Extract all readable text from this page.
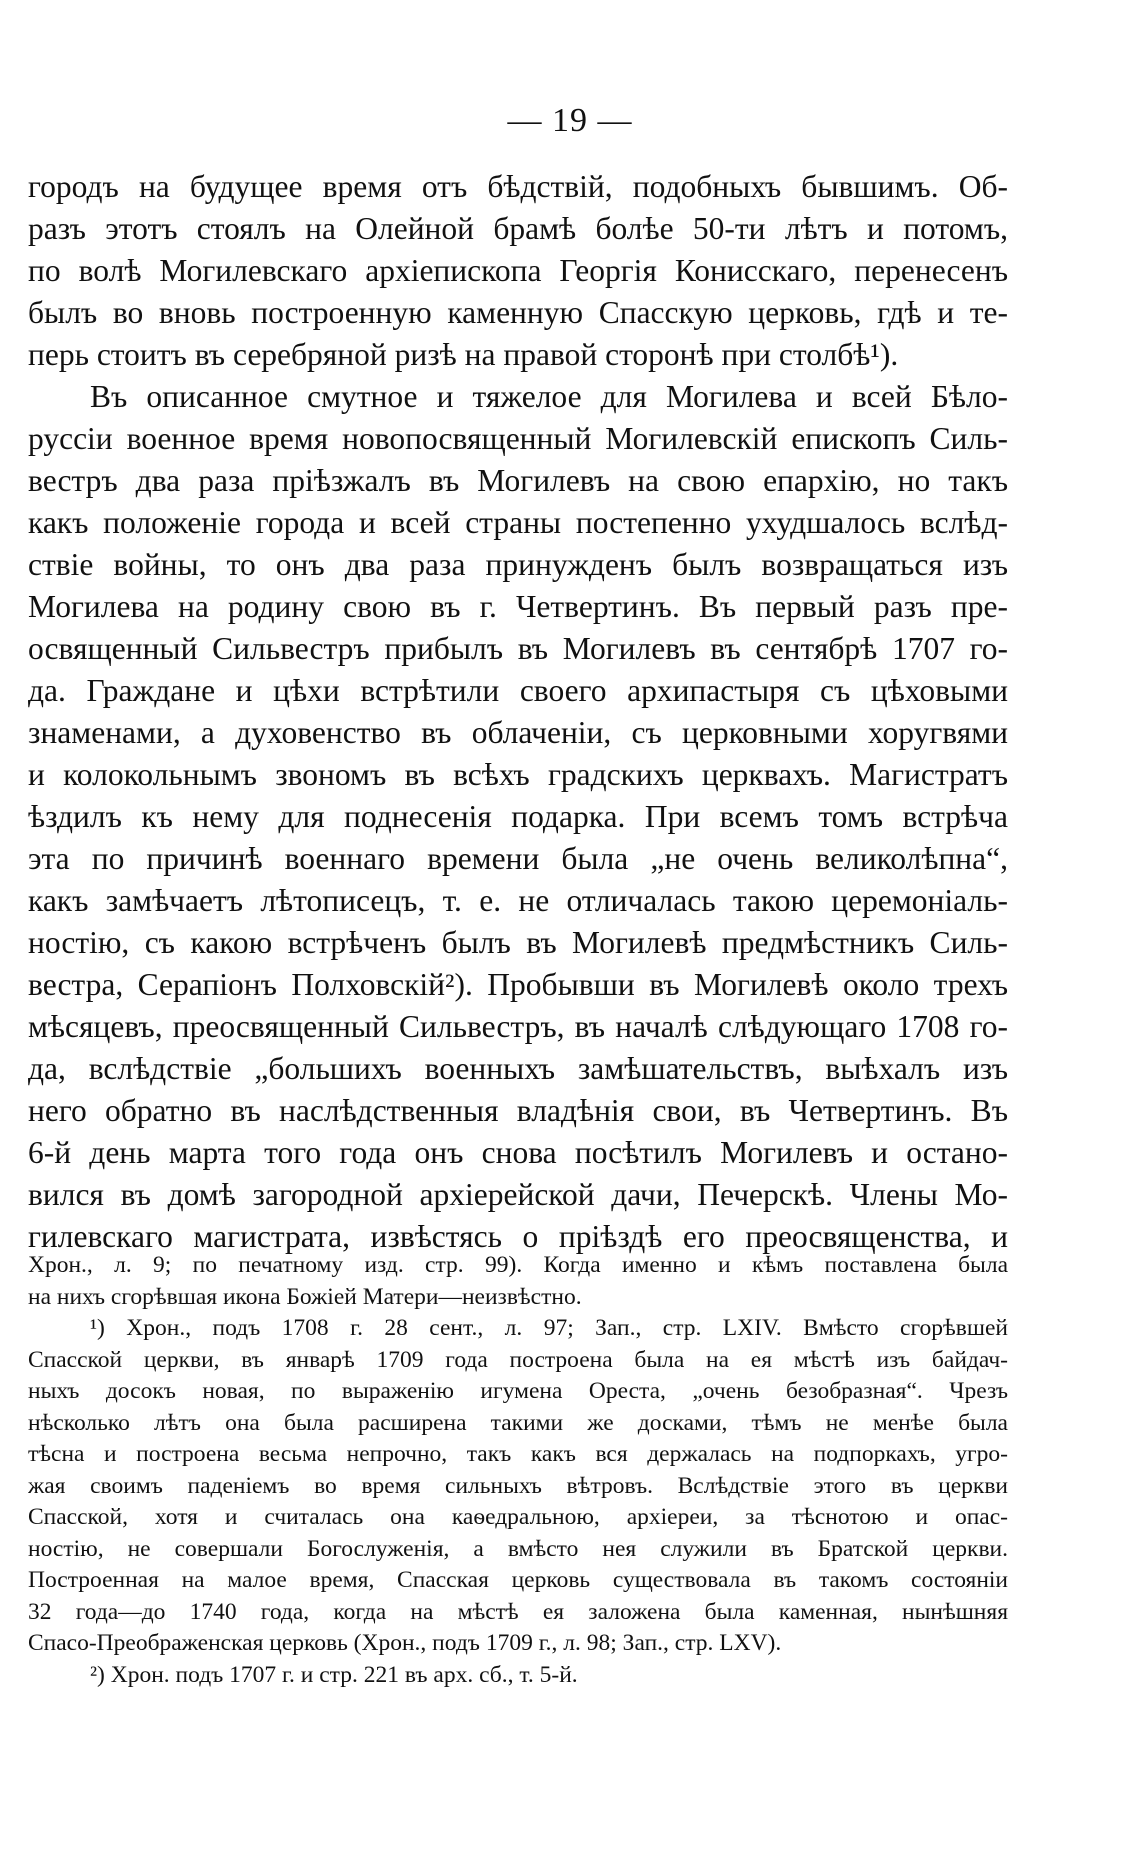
— 19 —

городъ на будущее время отъ бѣдствій, подобныхъ бывшимъ. Об-
разъ этотъ стоялъ на Олейной брамѣ болѣе 50-ти лѣтъ и потомъ,
по волѣ Могилевскаго архіепископа Георгія Конисскаго, перенесенъ
былъ во вновь построенную каменную Спасскую церковь, гдѣ и те-
перь стоитъ въ серебряной ризѣ на правой сторонѣ при столбѣ¹).

Въ описанное смутное и тяжелое для Могилева и всей Бѣло-
руссіи военное время новопосвященный Могилевскій епископъ Силь-
вестръ два раза пріѣзжалъ въ Могилевъ на свою епархію, но такъ
какъ положеніе города и всей страны постепенно ухудшалось вслѣд-
ствіе войны, то онъ два раза принужденъ былъ возвращаться изъ
Могилева на родину свою въ г. Четвертинъ. Въ первый разъ пре-
освященный Сильвестръ прибылъ въ Могилевъ въ сентябрѣ 1707 го-
да. Граждане и цѣхи встрѣтили своего архипастыря съ цѣховыми
знаменами, а духовенство въ облаченіи, съ церковными хоругвями
и колокольнымъ звономъ въ всѣхъ градскихъ церквахъ. Магистратъ
ѣздилъ къ нему для поднесенія подарка. При всемъ томъ встрѣча
эта по причинѣ военнаго времени была „не очень великолѣпна“,
какъ замѣчаетъ лѣтописецъ, т. е. не отличалась такою церемоніаль-
ностію, съ какою встрѣченъ былъ въ Могилевѣ предмѣстникъ Силь-
вестра, Серапіонъ Полховскій²). Пробывши въ Могилевѣ около трехъ
мѣсяцевъ, преосвященный Сильвестръ, въ началѣ слѣдующаго 1708 го-
да, вслѣдствіе „большихъ военныхъ замѣшательствъ, выѣхалъ изъ
него обратно въ наслѣдственныя владѣнія свои, въ Четвертинъ. Въ
6-й день марта того года онъ снова посѣтилъ Могилевъ и остано-
вился въ домѣ загородной архіерейской дачи, Печерскѣ. Члены Мо-
гилевскаго магистрата, извѣстясь о пріѣздѣ его преосвященства, и

Хрон., л. 9; по печатному изд. стр. 99). Когда именно и кѣмъ поставлена была
на нихъ сгорѣвшая икона Божіей Матери—неизвѣстно.
¹) Хрон., подъ 1708 г. 28 сент., л. 97; Зап., стр. LXIV. Вмѣсто сгорѣвшей
Спасской церкви, въ январѣ 1709 года построена была на ея мѣстѣ изъ байдач-
ныхъ досокъ новая, по выраженію игумена Ореста, „очень безобразная“. Чрезъ
нѣсколько лѣтъ она была расширена такими же досками, тѣмъ не менѣе была
тѣсна и построена весьма непрочно, такъ какъ вся держалась на подпоркахъ, угро-
жая своимъ паденіемъ во время сильныхъ вѣтровъ. Вслѣдствіе этого въ церкви
Спасской, хотя и считалась она каѳедральною, архіереи, за тѣснотою и опас-
ностію, не совершали Богослуженія, а вмѣсто нея служили въ Братской церкви.
Построенная на малое время, Спасская церковь существовала въ такомъ состояніи
32 года—до 1740 года, когда на мѣстѣ ея заложена была каменная, нынѣшняя
Спасо-Преображенская церковь (Хрон., подъ 1709 г., л. 98; Зап., стр. LXV).
²) Хрон. подъ 1707 г. и стр. 221 въ арх. сб., т. 5-й.
